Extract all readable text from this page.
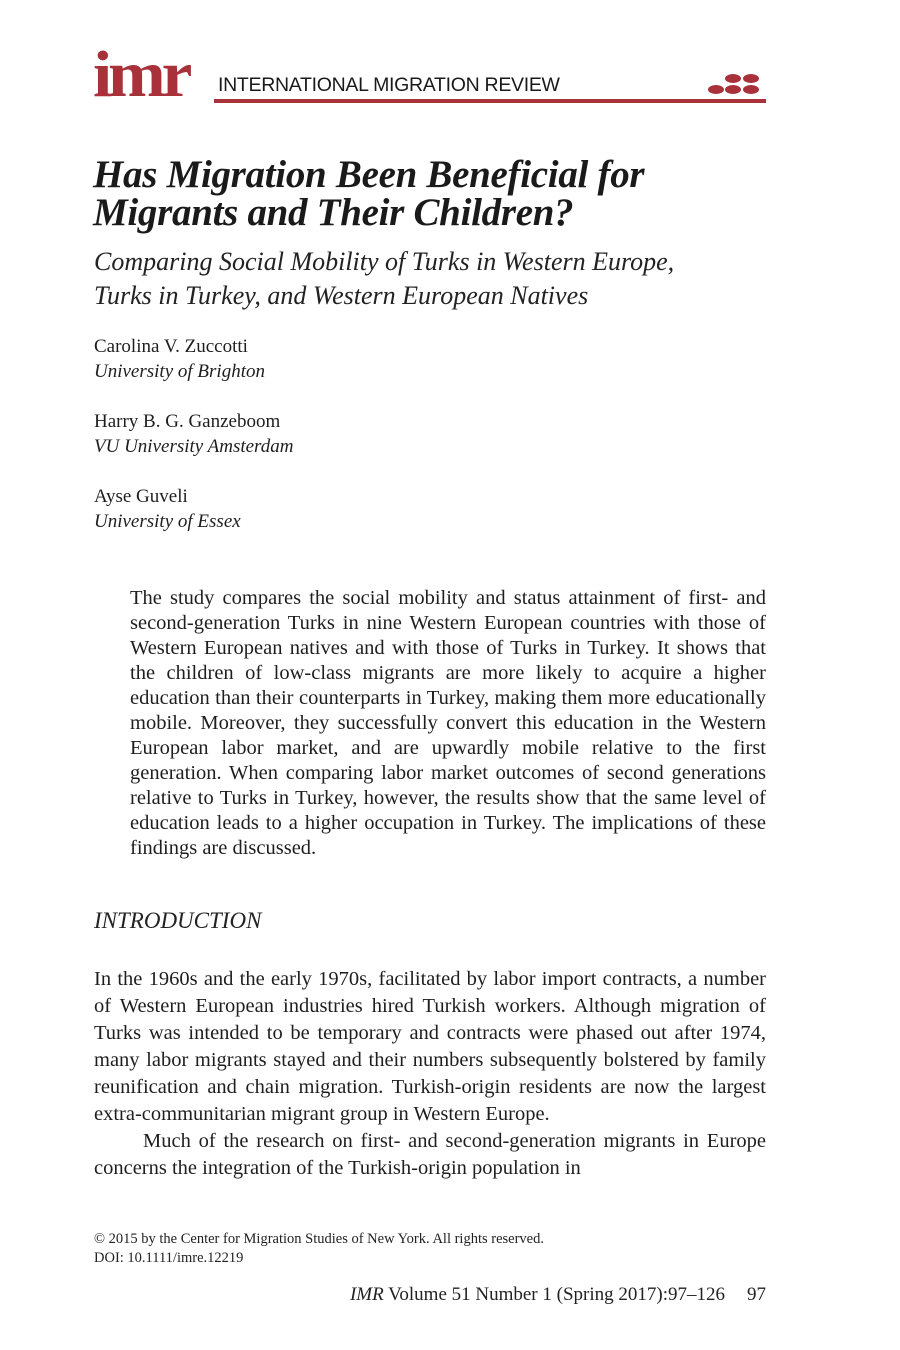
imr INTERNATIONAL MIGRATION REVIEW
Has Migration Been Beneficial for
Migrants and Their Children?
Comparing Social Mobility of Turks in Western Europe,
Turks in Turkey, and Western European Natives
Carolina V. Zuccotti
University of Brighton
Harry B. G. Ganzeboom
VU University Amsterdam
Ayse Guveli
University of Essex
The study compares the social mobility and status attainment of first- and second-generation Turks in nine Western European countries with those of Western European natives and with those of Turks in Turkey. It shows that the children of low-class migrants are more likely to acquire a higher education than their counterparts in Turkey, making them more educationally mobile. Moreover, they successfully convert this education in the Western European labor market, and are upwardly mobile relative to the first generation. When comparing labor market outcomes of second generations relative to Turks in Turkey, however, the results show that the same level of education leads to a higher occupation in Turkey. The implications of these findings are discussed.
INTRODUCTION

In the 1960s and the early 1970s, facilitated by labor import contracts, a number of Western European industries hired Turkish workers. Although migration of Turks was intended to be temporary and contracts were phased out after 1974, many labor migrants stayed and their numbers subsequently bolstered by family reunification and chain migration. Turkish-origin residents are now the largest extra-communitarian migrant group in Western Europe.

Much of the research on first- and second-generation migrants in Europe concerns the integration of the Turkish-origin population in

© 2015 by the Center for Migration Studies of New York. All rights reserved.
DOI: 10.1111/imre.12219
IMR Volume 51 Number 1 (Spring 2017):97–126 97
